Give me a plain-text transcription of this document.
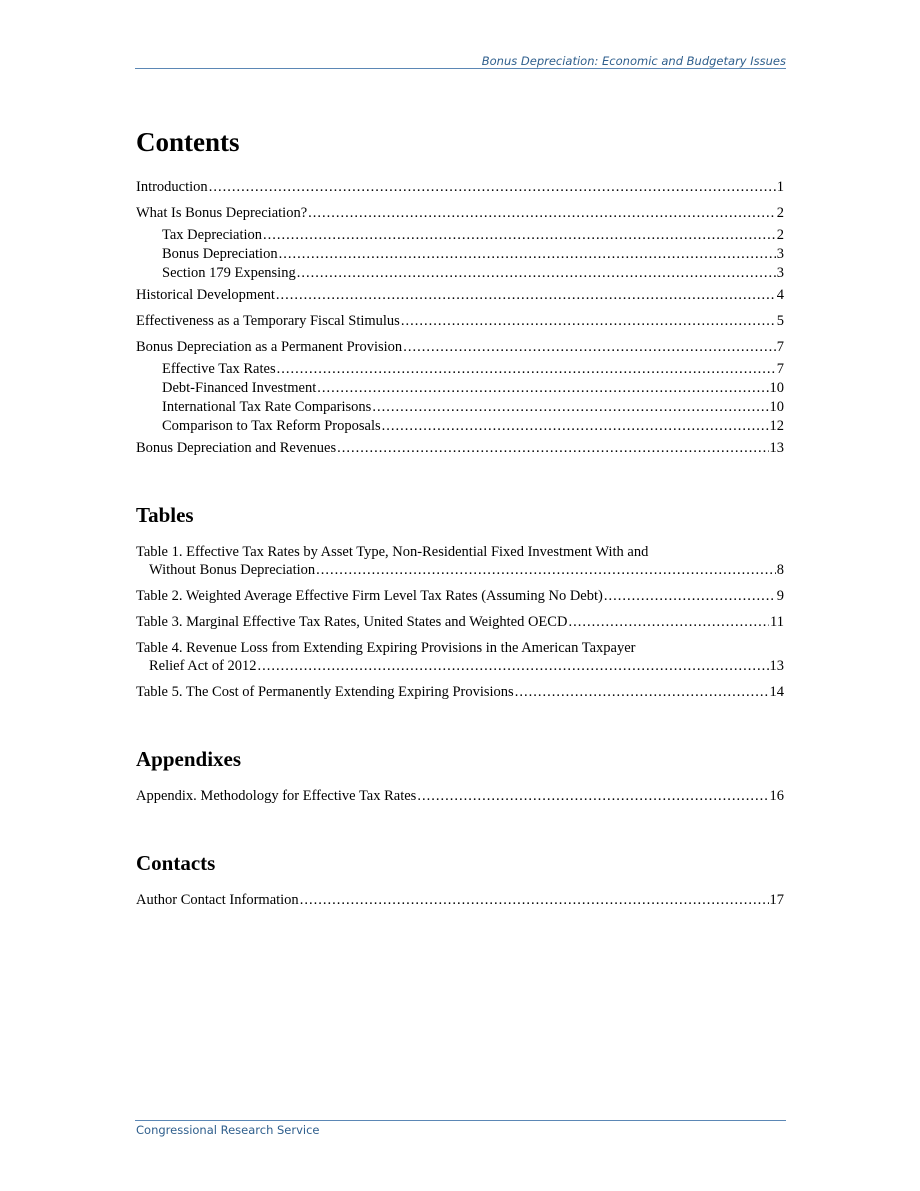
Bonus Depreciation: Economic and Budgetary Issues
Contents
Introduction .....	1
What Is Bonus Depreciation? .....	2
Tax Depreciation .....	2
Bonus Depreciation .....	3
Section 179 Expensing .....	3
Historical Development .....	4
Effectiveness as a Temporary Fiscal Stimulus .....	5
Bonus Depreciation as a Permanent Provision .....	7
Effective Tax Rates .....	7
Debt-Financed Investment .....	10
International Tax Rate Comparisons .....	10
Comparison to Tax Reform Proposals .....	12
Bonus Depreciation and Revenues .....	13
Tables
Table 1. Effective Tax Rates by Asset Type, Non-Residential Fixed Investment With and
Without Bonus Depreciation .....	8
Table 2. Weighted Average Effective Firm Level Tax Rates (Assuming No Debt) .....	9
Table 3. Marginal Effective Tax Rates, United States and Weighted OECD .....	11
Table 4. Revenue Loss from Extending Expiring Provisions in the American Taxpayer
Relief Act of 2012 .....	13
Table 5. The Cost of Permanently Extending Expiring Provisions .....	14
Appendixes
Appendix. Methodology for Effective Tax Rates .....	16
Contacts
Author Contact Information .....	17
Congressional Research Service
